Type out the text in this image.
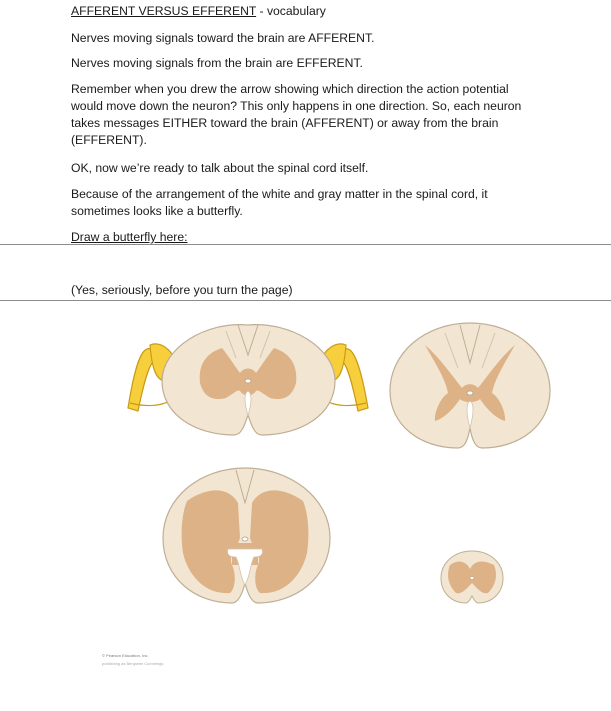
AFFERENT VERSUS EFFERENT - vocabulary

Nerves moving signals toward the brain are AFFERENT.

Nerves moving signals from the brain are EFFERENT.

Remember when you drew the arrow showing which direction the action potential would move down the neuron? This only happens in one direction. So, each neuron takes messages EITHER toward the brain (AFFERENT) or away from the brain (EFFERENT).

OK, now we’re ready to talk about the spinal cord itself.

Because of the arrangement of the white and gray matter in the spinal cord, it sometimes looks like a butterfly.

Draw a butterfly here:

(Yes, seriously, before you turn the page)

© Pearson Education, Inc.
publishing as Benjamin Cummings
